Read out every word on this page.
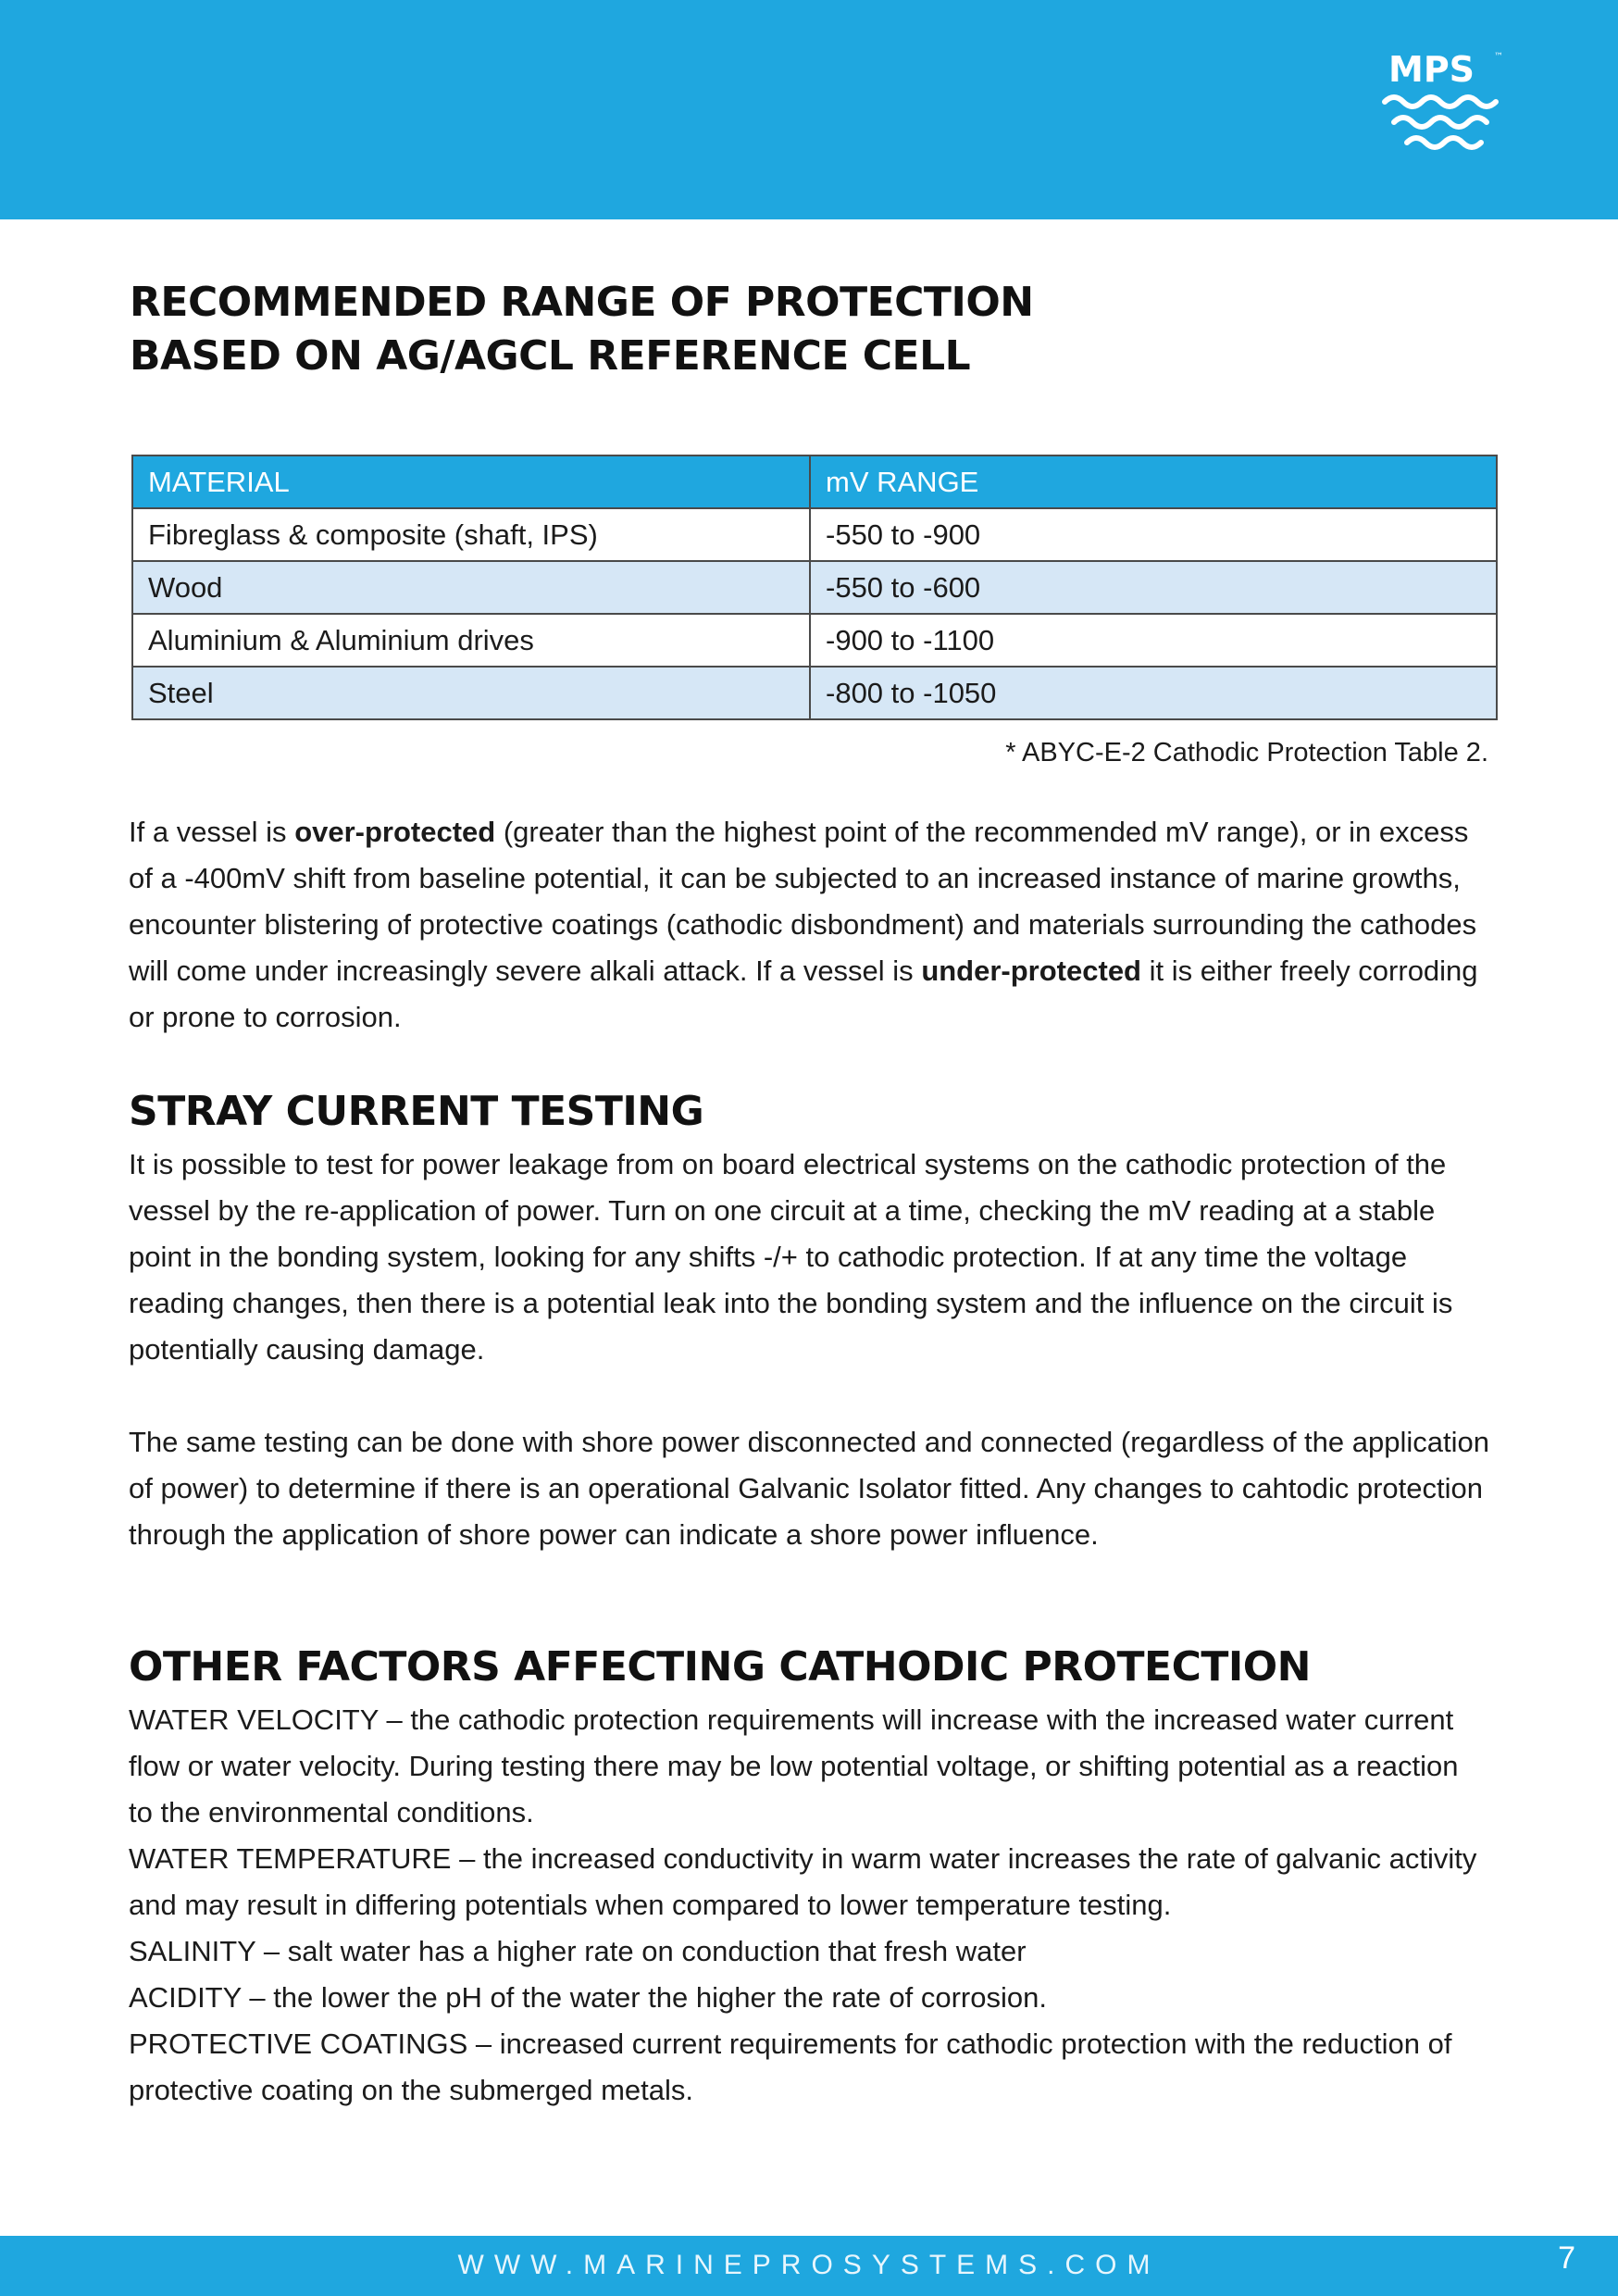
MPS ™
RECOMMENDED RANGE OF PROTECTION
BASED ON AG/AGCL REFERENCE CELL
MATERIAL	mV RANGE
Fibreglass & composite (shaft, IPS)	-550 to -900
Wood	-550 to -600
Aluminium & Aluminium drives	-900 to -1100
Steel	-800 to -1050
* ABYC-E-2 Cathodic Protection Table 2.

If a vessel is over-protected (greater than the highest point of the recommended mV range), or in excess of a -400mV shift from baseline potential, it can be subjected to an increased instance of marine growths, encounter blistering of protective coatings (cathodic disbondment) and materials surrounding the cathodes will come under increasingly severe alkali attack. If a vessel is under-protected it is either freely corroding or prone to corrosion.

STRAY CURRENT TESTING

It is possible to test for power leakage from on board electrical systems on the cathodic protection of the vessel by the re-application of power. Turn on one circuit at a time, checking the mV reading at a stable point in the bonding system, looking for any shifts -/+ to cathodic protection. If at any time the voltage reading changes, then there is a potential leak into the bonding system and the influence on the circuit is potentially causing damage.

The same testing can be done with shore power disconnected and connected (regardless of the application of power) to determine if there is an operational Galvanic Isolator fitted. Any changes to cahtodic protection through the application of shore power can indicate a shore power influence.

OTHER FACTORS AFFECTING CATHODIC PROTECTION
WATER VELOCITY – the cathodic protection requirements will increase with the increased water current flow or water velocity. During testing there may be low potential voltage, or shifting potential as a reaction to the environmental conditions.
WATER TEMPERATURE – the increased conductivity in warm water increases the rate of galvanic activity and may result in differing potentials when compared to lower temperature testing.
SALINITY – salt water has a higher rate on conduction that fresh water
ACIDITY – the lower the pH of the water the higher the rate of corrosion.
PROTECTIVE COATINGS – increased current requirements for cathodic protection with the reduction of protective coating on the submerged metals.
WWW.MARINEPROSYSTEMS.COM	7
